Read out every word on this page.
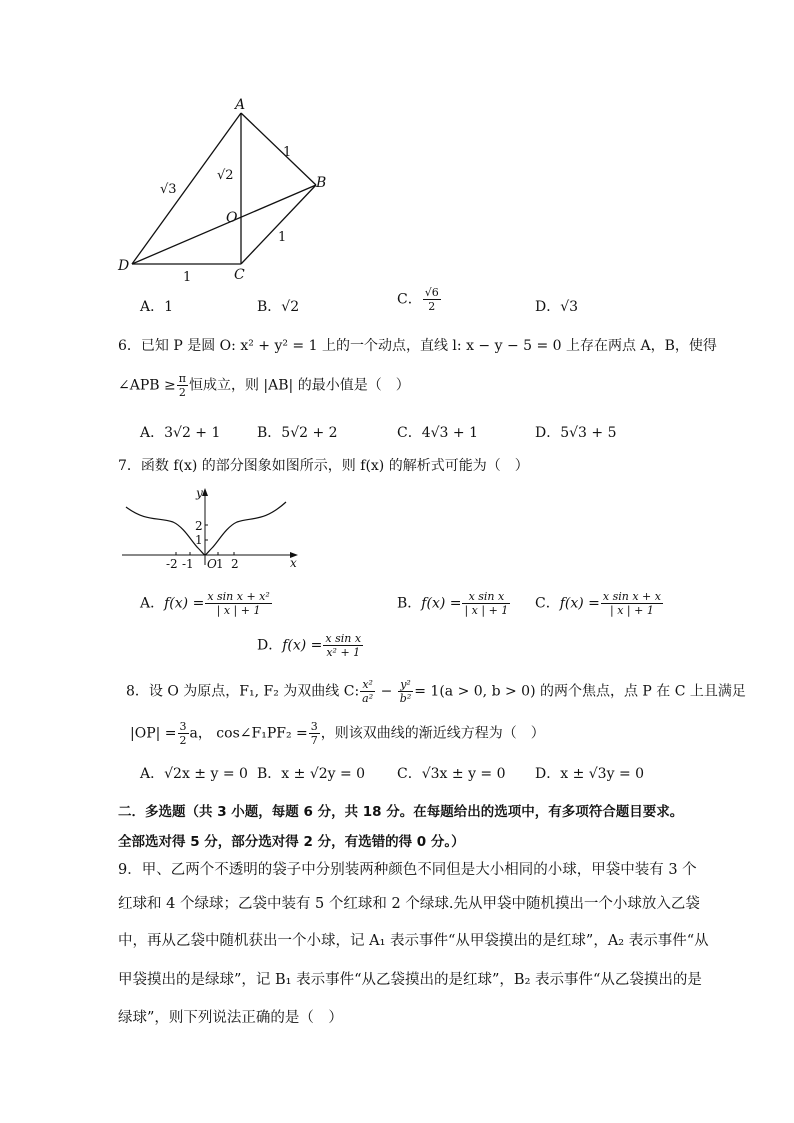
A
B
C
D
O
1
1
1
√3
√2
A．1	B．√2	C． $\frac{√6}{2}$	D．√3
6．已知 P 是圆 O: x² + y² = 1 上的一个动点，直线 l: x − y − 5 = 0 上存在两点 A，B，使得
∠APB ≥ $\frac{\pi}{2}$ 恒成立，则 |AB| 的最小值是（　）
A．3√2 + 1	B．5√2 + 2	C．4√3 + 1	D．5√3 + 5
7．函数 f(x) 的部分图象如图所示，则 f(x) 的解析式可能为（　）
y
x
O
-2 -1 1 2
2
1
A．$f(x) = \frac{\text{x sin x + x²}}{| x | + 1}$	B．$f(x) = \frac{\text{x sin x}}{| x | + 1}$ C．$f(x) = \frac{\text{x sin x + x}}{| x | + 1}$
D．$f(x) = \frac{\text{x sin x}}{\text{x² + 1}}$
8．设 O 为原点，F₁, F₂ 为双曲线 C: $\frac{\text{x²}}{\text{a²}} - \frac{\text{y²}}{\text{b²}} = 1(a > 0$, b > 0) 的两个焦点，点 P 在 C 上且满足
$|OP| = \frac{3}{2}$ a， cos∠F₁PF₂ = $\frac{3}{7}$ ，则该双曲线的渐近线方程为（　）
A．√2x ± y = 0 B．x ± √2y = 0 C．√3x ± y = 0 D．x ± √3y = 0
二．多选题（共 3 小题，每题 6 分，共 18 分。在每题给出的选项中，有多项符合题目要求。
全部选对得 5 分，部分选对得 2 分，有选错的得 0 分。）
9．甲、乙两个不透明的袋子中分别装两种颜色不同但是大小相同的小球，甲袋中装有 3 个
红球和 4 个绿球；乙袋中装有 5 个红球和 2 个绿球.先从甲袋中随机摸出一个小球放入乙袋
中，再从乙袋中随机获出一个小球，记 A₁ 表示事件“从甲袋摸出的是红球”，A₂ 表示事件“从
甲袋摸出的是绿球”，记 B₁ 表示事件“从乙袋摸出的是红球”，B₂ 表示事件“从乙袋摸出的是
绿球”，则下列说法正确的是（　）
